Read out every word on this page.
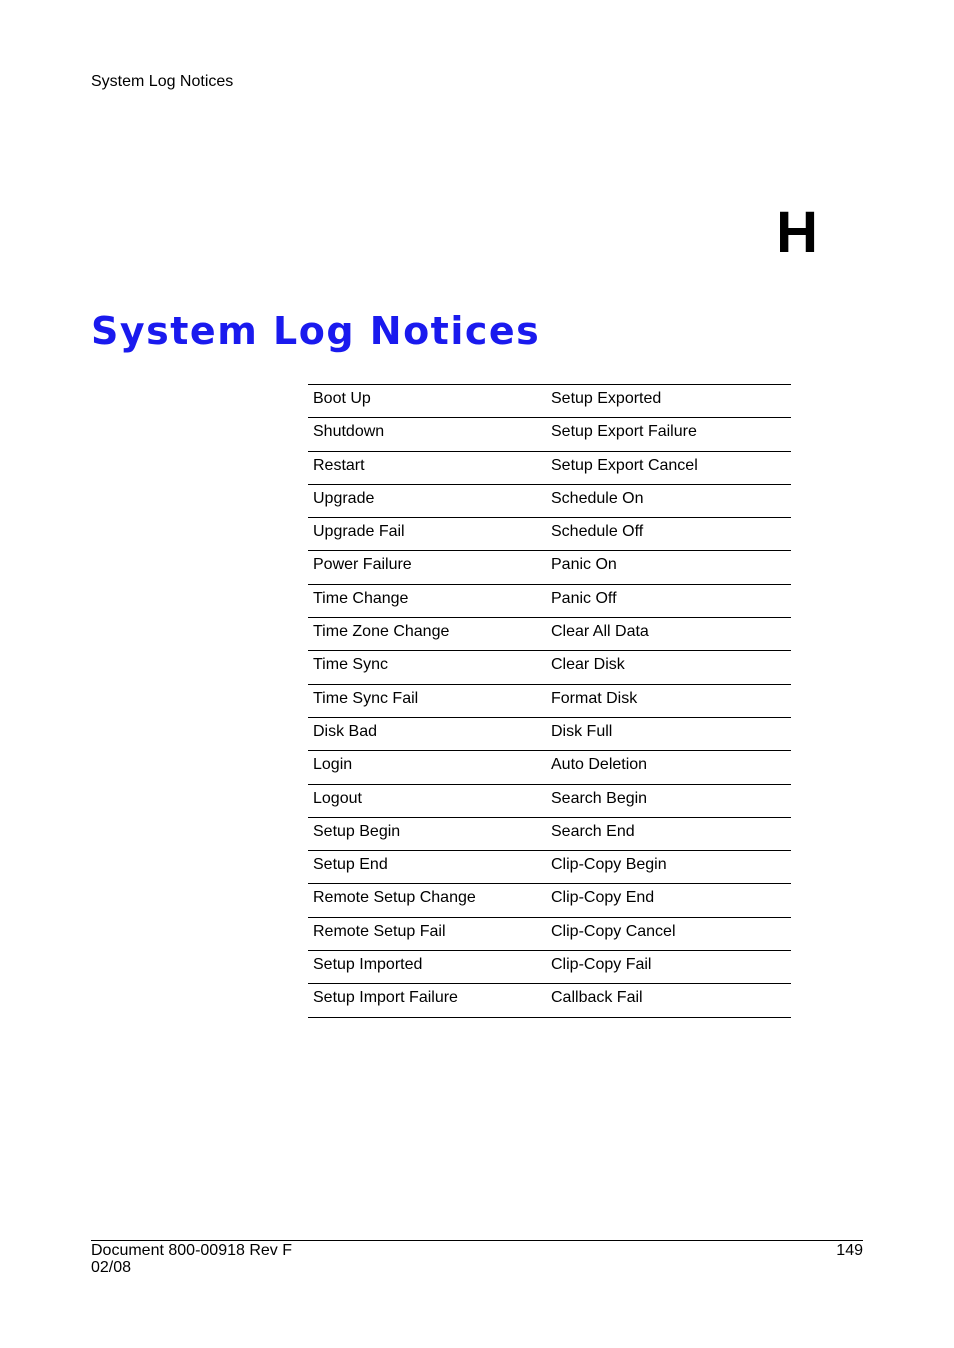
System Log Notices
H
System Log Notices
Boot Up	Setup Exported
Shutdown	Setup Export Failure
Restart	Setup Export Cancel
Upgrade	Schedule On
Upgrade Fail	Schedule Off
Power Failure	Panic On
Time Change	Panic Off
Time Zone Change	Clear All Data
Time Sync	Clear Disk
Time Sync Fail	Format Disk
Disk Bad	Disk Full
Login	Auto Deletion
Logout	Search Begin
Setup Begin	Search End
Setup End	Clip-Copy Begin
Remote Setup Change	Clip-Copy End
Remote Setup Fail	Clip-Copy Cancel
Setup Imported	Clip-Copy Fail
Setup Import Failure	Callback Fail
Document 800-00918 Rev F
02/08
149
